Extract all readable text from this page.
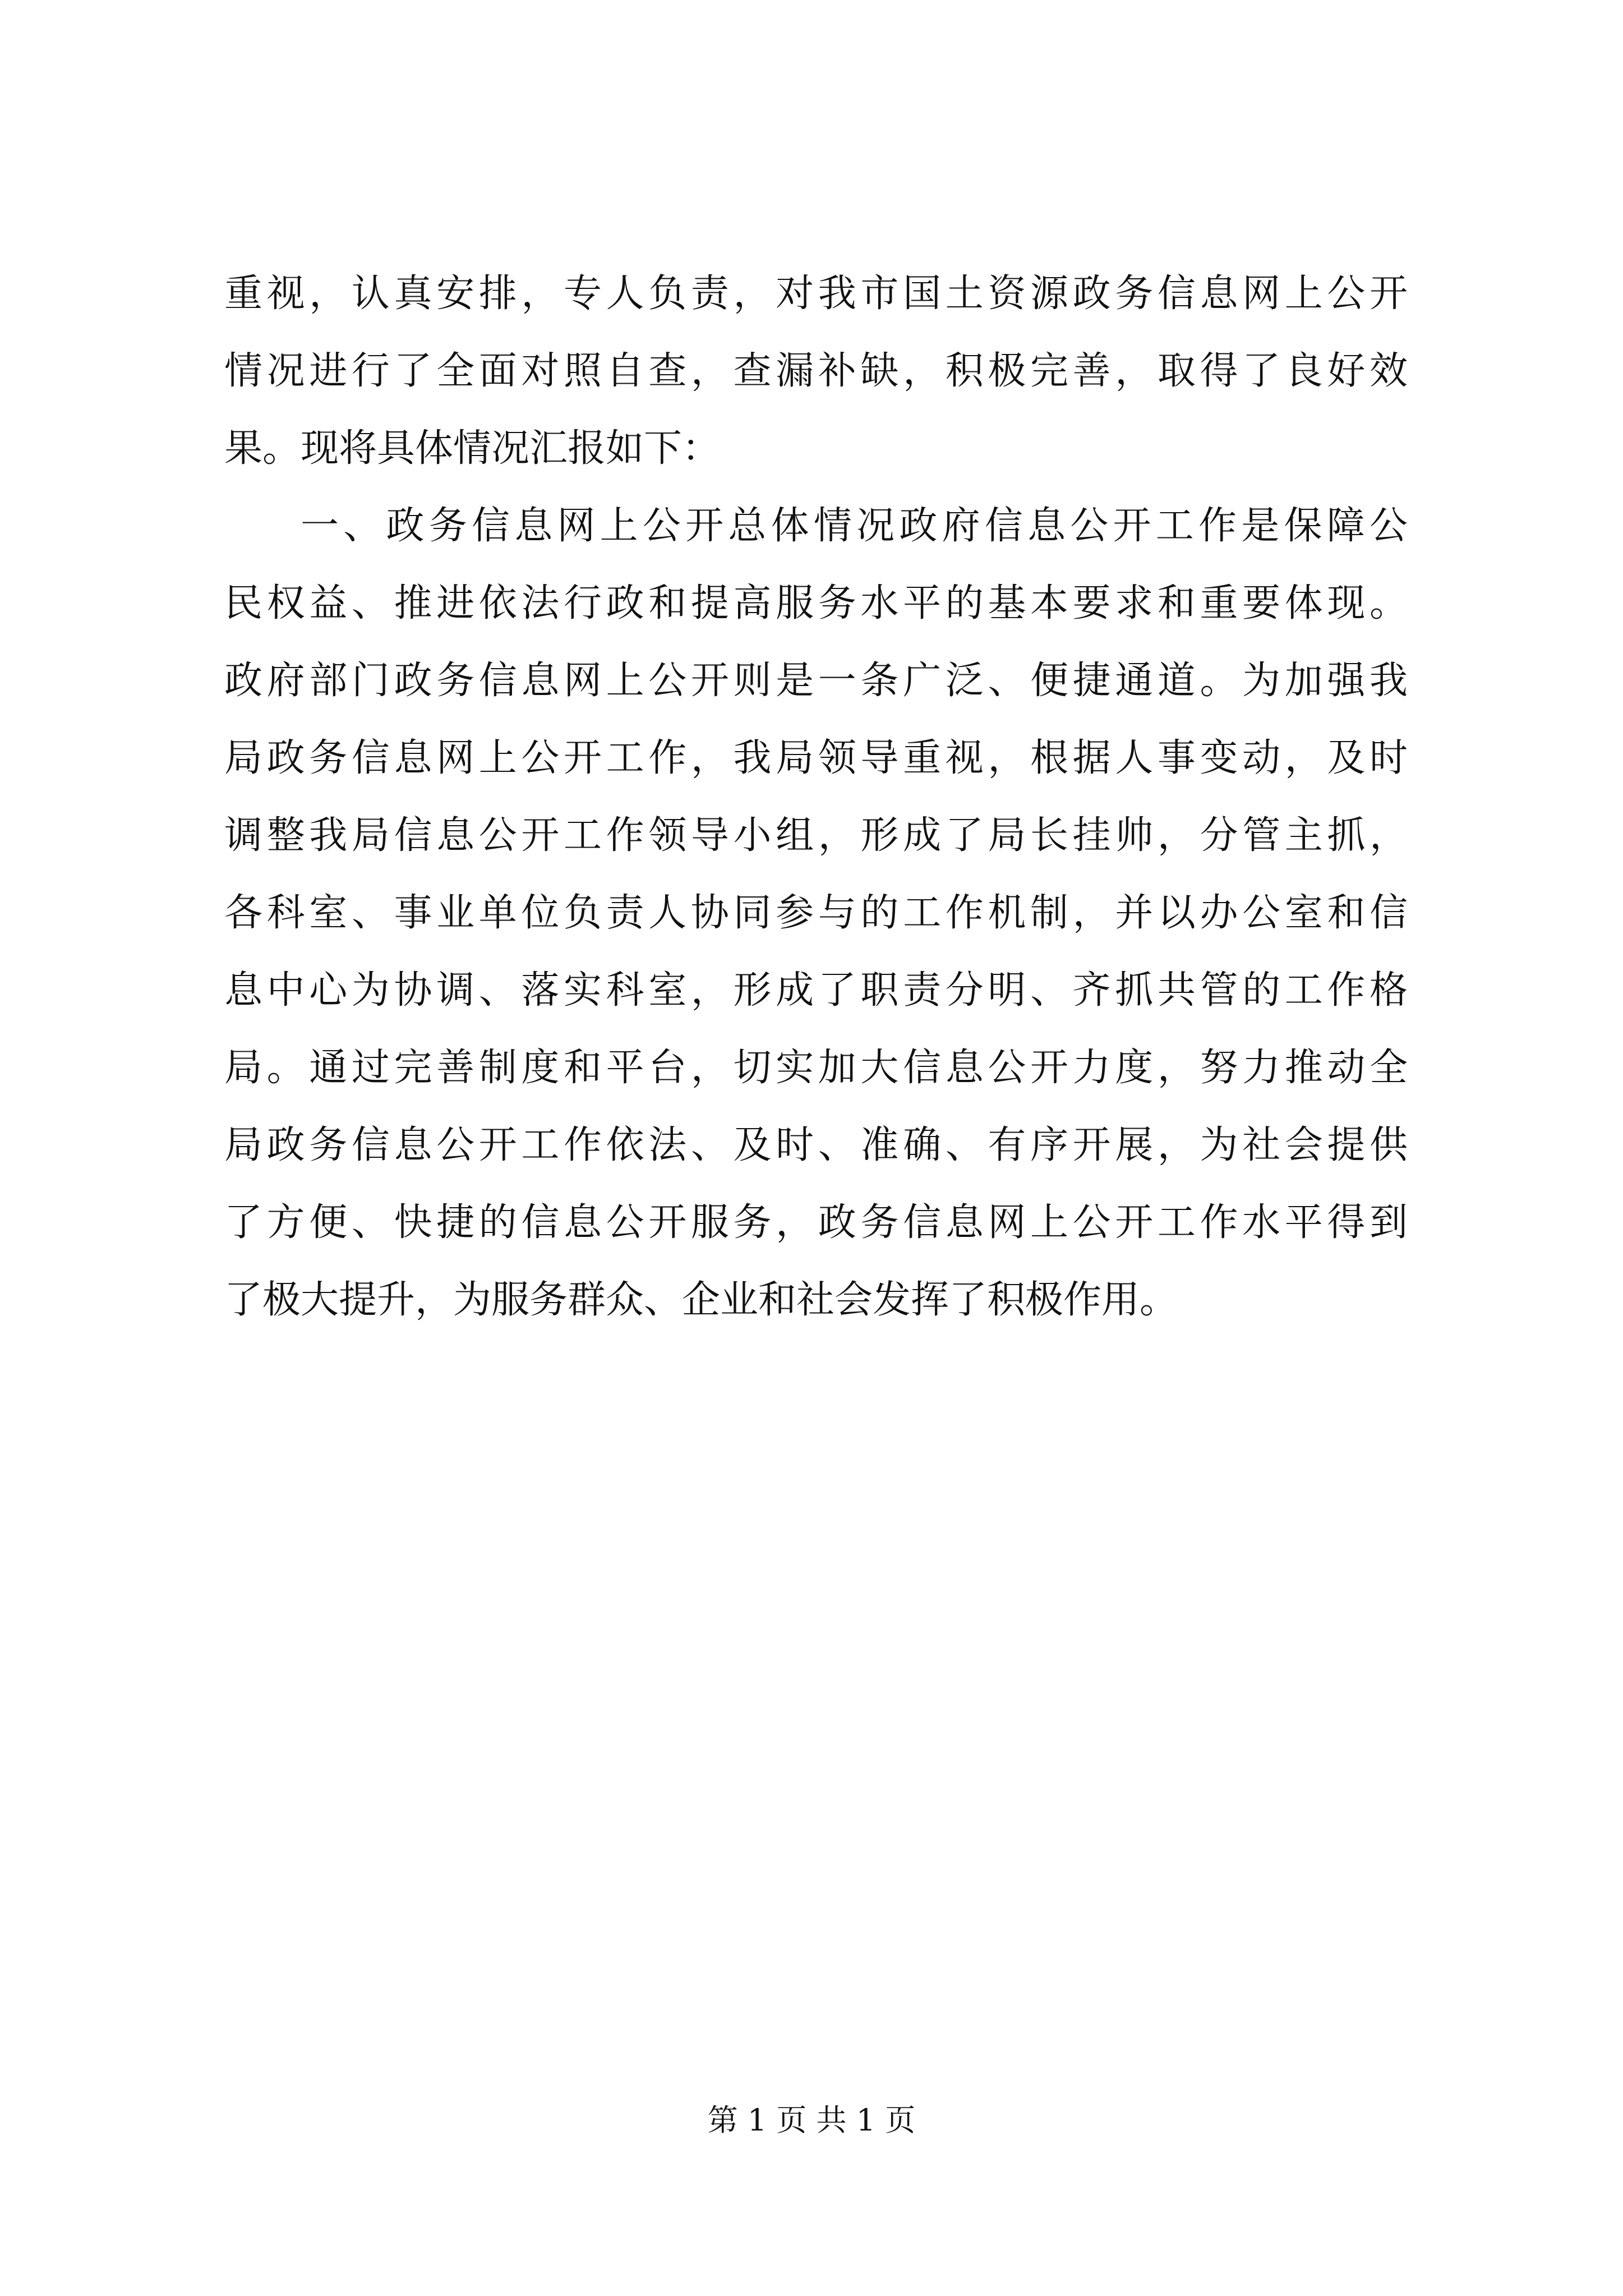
重视，认真安排，专人负责，对我市国土资源政务信息网上公开
情况进行了全面对照自查，查漏补缺，积极完善，取得了良好效
果。现将具体情况汇报如下：
一、政务信息网上公开总体情况政府信息公开工作是保障公
民权益、推进依法行政和提高服务水平的基本要求和重要体现。
政府部门政务信息网上公开则是一条广泛、便捷通道。为加强我
局政务信息网上公开工作，我局领导重视，根据人事变动，及时
调整我局信息公开工作领导小组，形成了局长挂帅，分管主抓，
各科室、事业单位负责人协同参与的工作机制，并以办公室和信
息中心为协调、落实科室，形成了职责分明、齐抓共管的工作格
局。通过完善制度和平台，切实加大信息公开力度，努力推动全
局政务信息公开工作依法、及时、准确、有序开展，为社会提供
了方便、快捷的信息公开服务，政务信息网上公开工作水平得到
了极大提升，为服务群众、企业和社会发挥了积极作用。
第 1 页 共 1 页
